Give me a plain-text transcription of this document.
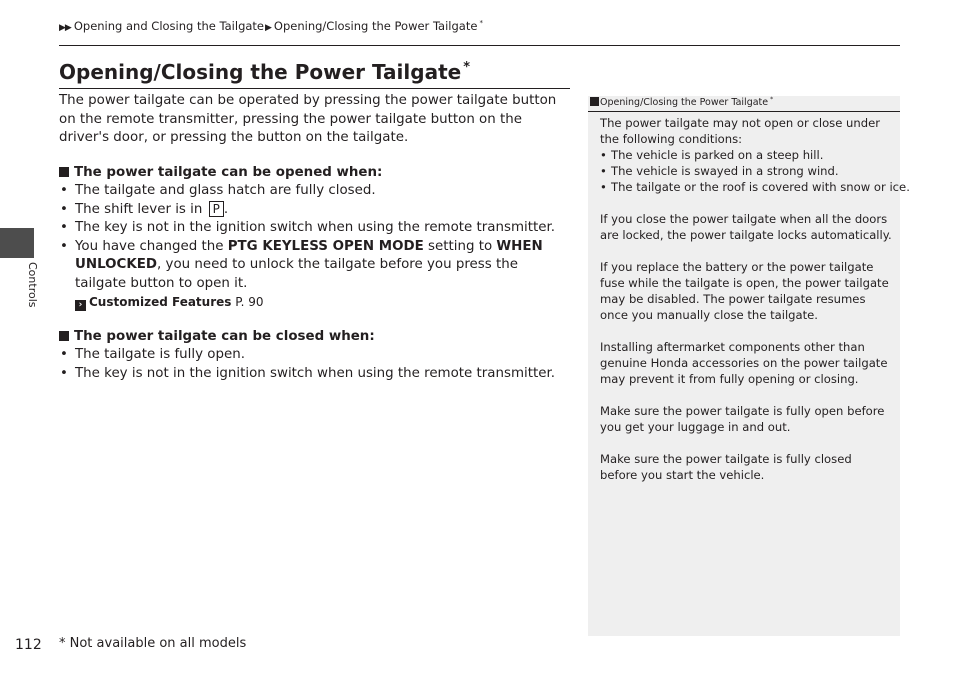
▶▶ Opening and Closing the Tailgate▶ Opening/Closing the Power Tailgate *
Opening/Closing the Power Tailgate *

The power tailgate can be operated by pressing the power tailgate button on the remote transmitter, pressing the power tailgate button on the driver's door, or pressing the button on the tailgate.

The power tailgate can be opened when:
• The tailgate and glass hatch are fully closed.
• The shift lever is in P .
• The key is not in the ignition switch when using the remote transmitter.
• You have changed the PTG KEYLESS OPEN MODE setting to WHEN UNLOCKED, you need to unlock the tailgate before you press the tailgate button to open it.

› Customized Features P. 90

The power tailgate can be closed when:
• The tailgate is fully open.
• The key is not in the ignition switch when using the remote transmitter.
Controls
Opening/Closing the Power Tailgate *

The power tailgate may not open or close under the following conditions:

• The vehicle is parked on a steep hill.
• The vehicle is swayed in a strong wind.
• The tailgate or the roof is covered with snow or ice.

If you close the power tailgate when all the doors are locked, the power tailgate locks automatically.

If you replace the battery or the power tailgate fuse while the tailgate is open, the power tailgate may be disabled. The power tailgate resumes once you manually close the tailgate.

Installing aftermarket components other than genuine Honda accessories on the power tailgate may prevent it from fully opening or closing.

Make sure the power tailgate is fully open before you get your luggage in and out.

Make sure the power tailgate is fully closed before you start the vehicle.

112 * Not available on all models
